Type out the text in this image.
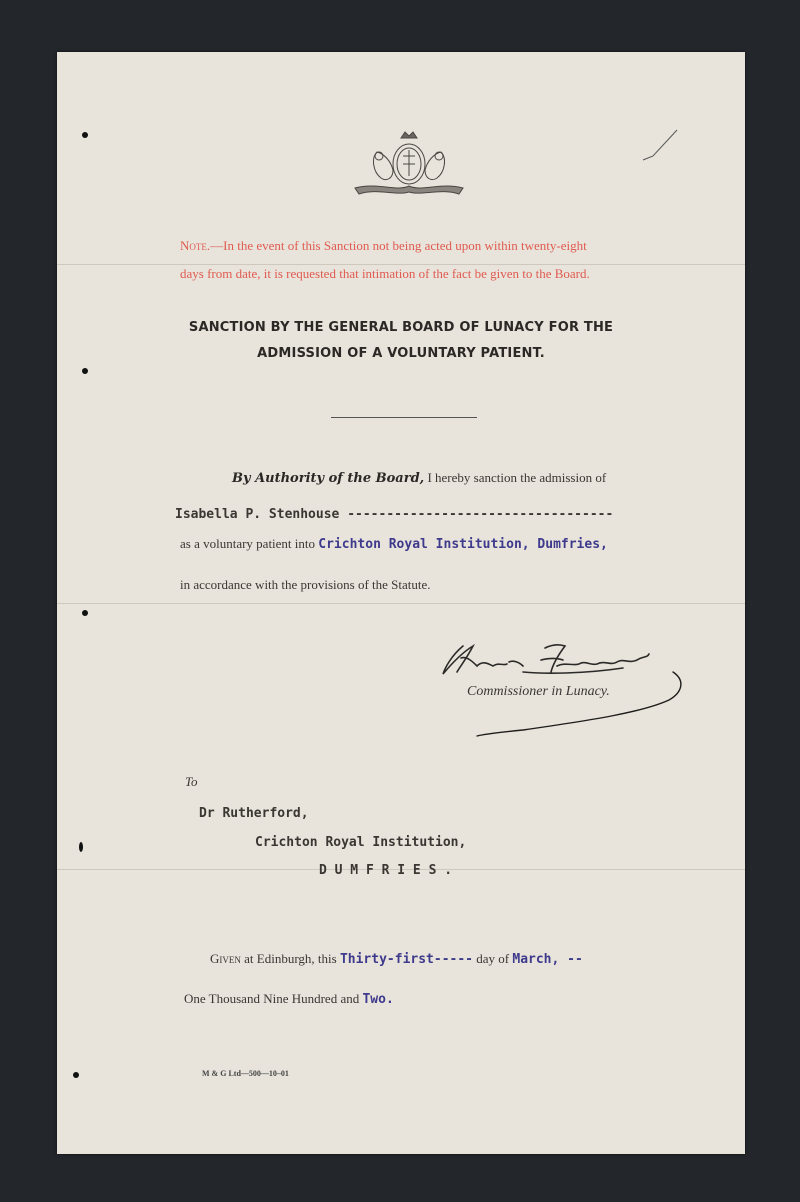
Note.—In the event of this Sanction not being acted upon within twenty-eight
days from date, it is requested that intimation of the fact be given to the Board.
SANCTION BY THE GENERAL BOARD OF LUNACY FOR THE
ADMISSION OF A VOLUNTARY PATIENT.
By Authority of the Board, I hereby sanction the admission of
Isabella P. Stenhouse ----------------------------------
as a voluntary patient into Crichton Royal Institution, Dumfries,
in accordance with the provisions of the Statute.
Commissioner in Lunacy.
To
Dr Rutherford,
Crichton Royal Institution,
D U M F R I E S .
Given at Edinburgh, this Thirty-first----- day of March, --
One Thousand Nine Hundred and Two.
M & G Ltd—500—10–01
